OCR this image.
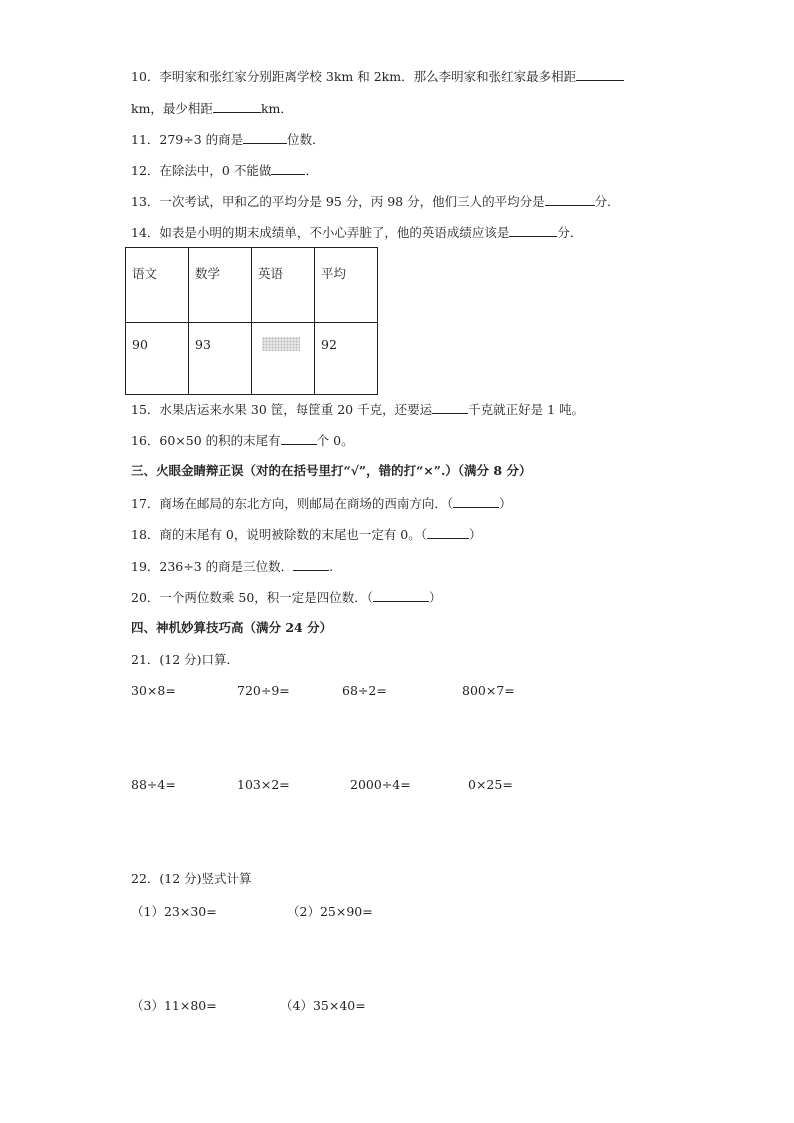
10．李明家和张红家分别距离学校 3km 和 2km．那么李明家和张红家最多相距
km，最少相距	km．
11．279÷3 的商是	位数．
12．在除法中，0 不能做	．
13．一次考试，甲和乙的平均分是 95 分，丙 98 分，他们三人的平均分是	分．
14．如表是小明的期末成绩单，不小心弄脏了，他的英语成绩应该是	分．
语文	数学	英语	平均
90	93		92
15．水果店运来水果 30 筐，每筐重 20 千克，还要运	千克就正好是 1 吨。
16．60×50 的积的末尾有	个 0。
三、火眼金睛辩正误（对的在括号里打“√”，错的打“×”.）（满分 8 分）
17．商场在邮局的东北方向，则邮局在商场的西南方向．（	）
18．商的末尾有 0，说明被除数的末尾也一定有 0。（	）
19．236÷3 的商是三位数．	.
20．一个两位数乘 50，积一定是四位数．（	）
四、神机妙算技巧高（满分 24 分）
21．(12 分)口算．
30×8=	720÷9=	68÷2=	800×7=
88÷4=	103×2=	2000÷4=	0×25=
22．(12 分)竖式计算
（1）23×30=	（2）25×90=
（3）11×80=	（4）35×40=
